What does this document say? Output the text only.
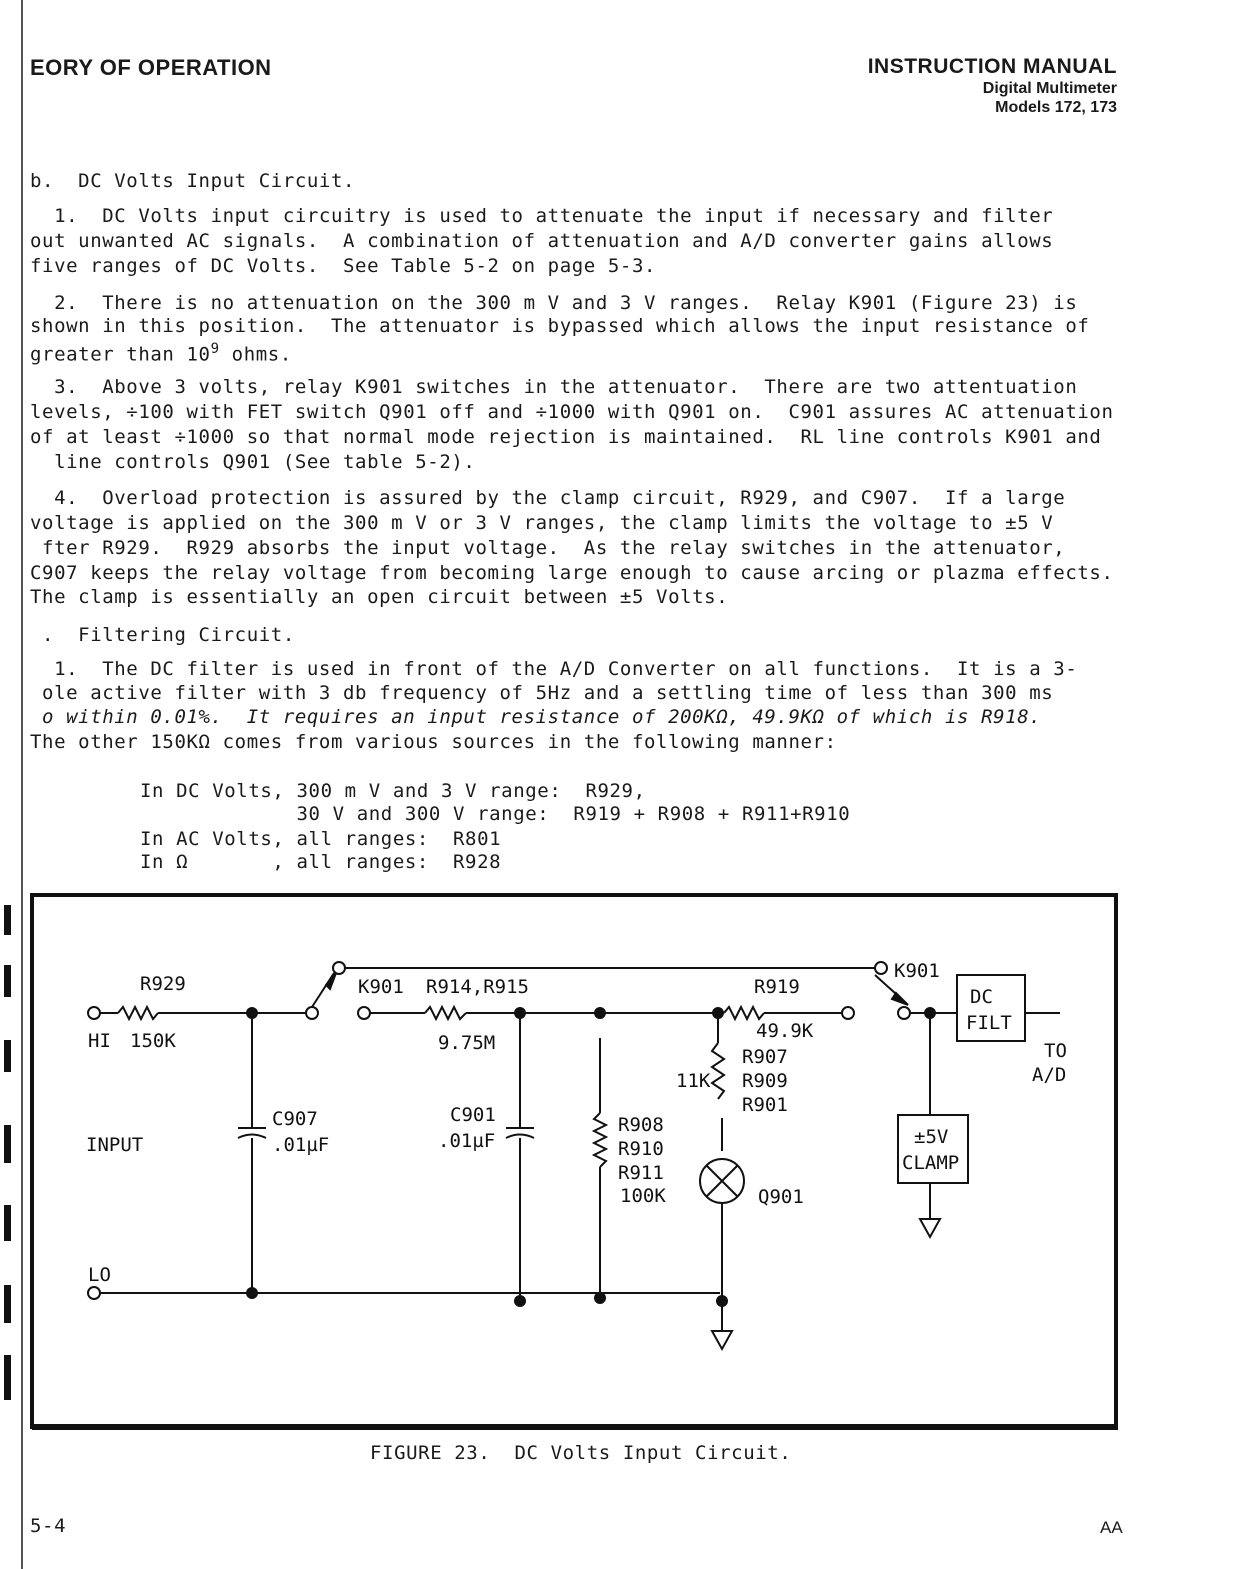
EORY OF OPERATION	INSTRUCTION MANUAL
Digital Multimeter
Models 172, 173
b.  DC Volts Input Circuit.
1.  DC Volts input circuitry is used to attenuate the input if necessary and filter
out unwanted AC signals.  A combination of attenuation and A/D converter gains allows
five ranges of DC Volts.  See Table 5-2 on page 5-3.
2.  There is no attenuation on the 300 m V and 3 V ranges.  Relay K901 (Figure 23) is
shown in this position.  The attenuator is bypassed which allows the input resistance of
greater than $10^9$ ohms.
3.  Above 3 volts, relay K901 switches in the attenuator.  There are two attentuation
levels, ÷100 with FET switch Q901 off and ÷1000 with Q901 on.  C901 assures AC attenuation
of at least ÷1000 so that normal mode rejection is maintained.  RL line controls K901 and
line controls Q901 (See table 5-2).
4.  Overload protection is assured by the clamp circuit, R929, and C907.  If a large
voltage is applied on the 300 m V or 3 V ranges, the clamp limits the voltage to ±5 V
fter R929.  R929 absorbs the input voltage.  As the relay switches in the attenuator,
C907 keeps the relay voltage from becoming large enough to cause arcing or plazma effects.
The clamp is essentially an open circuit between ±5 Volts.
.  Filtering Circuit.
1.  The DC filter is used in front of the A/D Converter on all functions.  It is a 3-
ole active filter with 3 db frequency of 5Hz and a settling time of less than 300 ms
o within 0.01%.  It requires an input resistance of 200KΩ, 49.9KΩ of which is R918.
The other 150KΩ comes from various sources in the following manner:
In DC Volts, 300 m V and 3 V range:  R929,
30 V and 300 V range:  R919 + R908 + R911+R910
In AC Volts, all ranges:  R801
In Ω       , all ranges:  R928
R929
HI 150K
INPUT
LO
C907
.01µF
K901 R914,R915
9.75M
C901
.01µF
R908
R910
R911
100K
R919
49.9K
R907
R909
R901
11K
Q901
K901
DC
FILT
TO
A/D
±5V
CLAMP
FIGURE 23.  DC Volts Input Circuit.
5-4	AA
